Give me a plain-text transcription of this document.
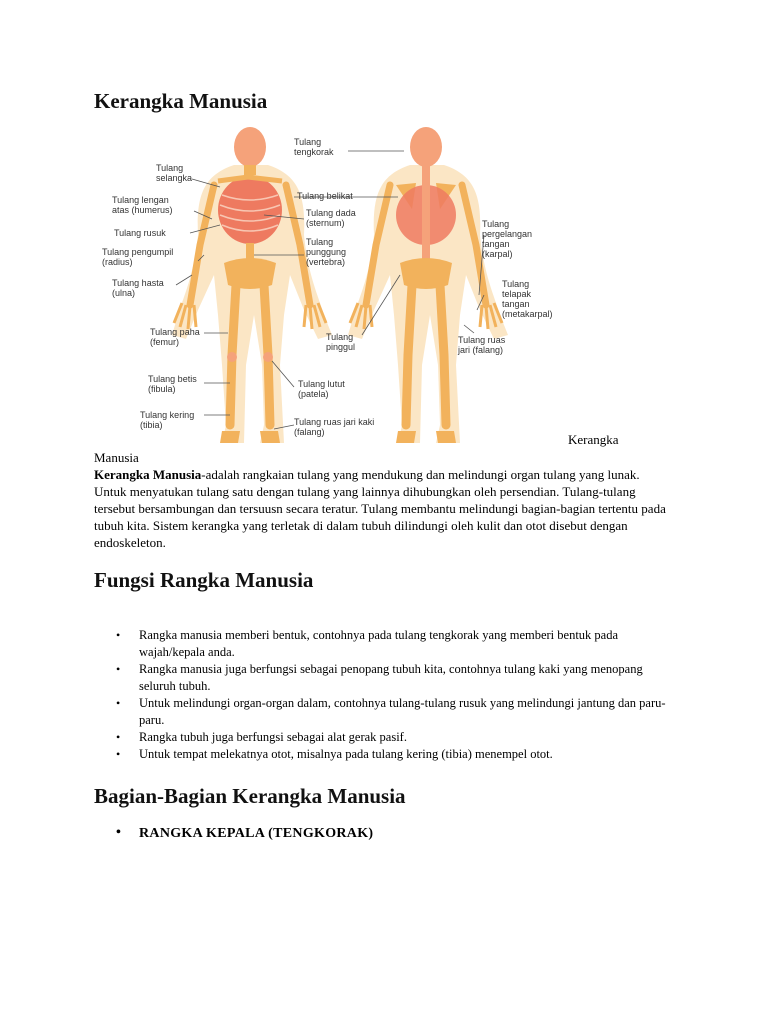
Kerangka Manusia
Tulang tengkorak
Tulang selangka
Tulang lengan atas (humerus)
Tulang rusuk
Tulang pengumpil (radius)
Tulang hasta (ulna)
Tulang paha (femur)
Tulang betis (fibula)
Tulang kering (tibia)
Tulang belikat
Tulang dada (sternum)
Tulang punggung (vertebra)
Tulang lutut (patela)
Tulang ruas jari kaki (falang)
Tulang pinggul
Tulang pergelangan tangan (karpal)
Tulang telapak tangan (metakarpal)
Tulang ruas jari (falang)
Kerangka
Manusia

Kerangka Manusia-adalah rangkaian tulang yang mendukung dan melindungi organ tulang yang lunak. Untuk menyatukan tulang satu dengan tulang yang lainnya dihubungkan oleh persendian. Tulang-tulang tersebut bersambungan dan tersuusn secara teratur. Tulang membantu melindungi bagian-bagian tertentu pada tubuh kita. Sistem kerangka yang terletak di dalam tubuh dilindungi oleh kulit dan otot disebut dengan endoskeleton.

Fungsi Rangka Manusia
• Rangka manusia memberi bentuk, contohnya pada tulang tengkorak yang memberi bentuk pada wajah/kepala anda.
• Rangka manusia juga berfungsi sebagai penopang tubuh kita, contohnya tulang kaki yang menopang seluruh tubuh.
• Untuk melindungi organ-organ dalam, contohnya tulang-tulang rusuk yang melindungi jantung dan paru-paru.
• Rangka tubuh juga berfungsi sebagai alat gerak pasif.
• Untuk tempat melekatnya otot, misalnya pada tulang kering (tibia) menempel otot.
Bagian-Bagian Kerangka Manusia
• RANGKA KEPALA (TENGKORAK)
